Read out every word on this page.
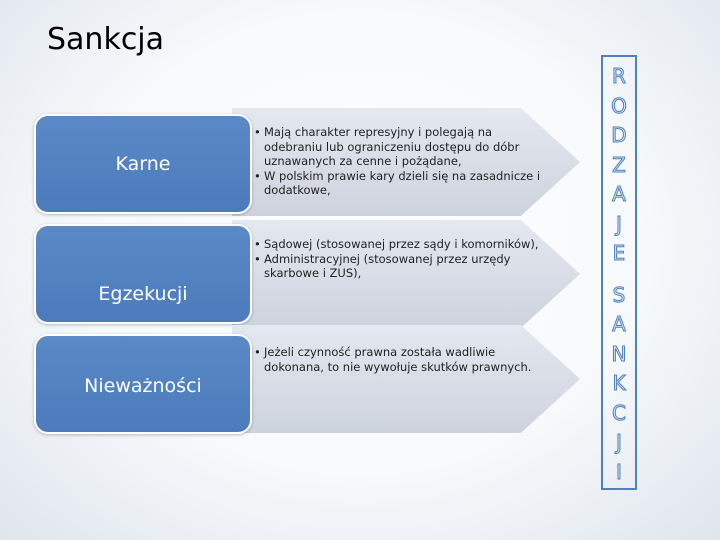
Sankcja
Karne
• Mają charakter represyjny i polegają na odebraniu lub ograniczeniu dostępu do dóbr uznawanych za cenne i pożądane,
• W polskim prawie kary dzieli się na zasadnicze i dodatkowe,
Egzekucji
• Sądowej (stosowanej przez sądy i komorników),
• Administracyjnej (stosowanej przez urzędy skarbowe i ZUS),
Nieważności
• Jeżeli czynność prawna została wadliwie dokonana, to nie wywołuje skutków prawnych.
R
O
D
Z
A
J
E
S
A
N
K
C
J
I
